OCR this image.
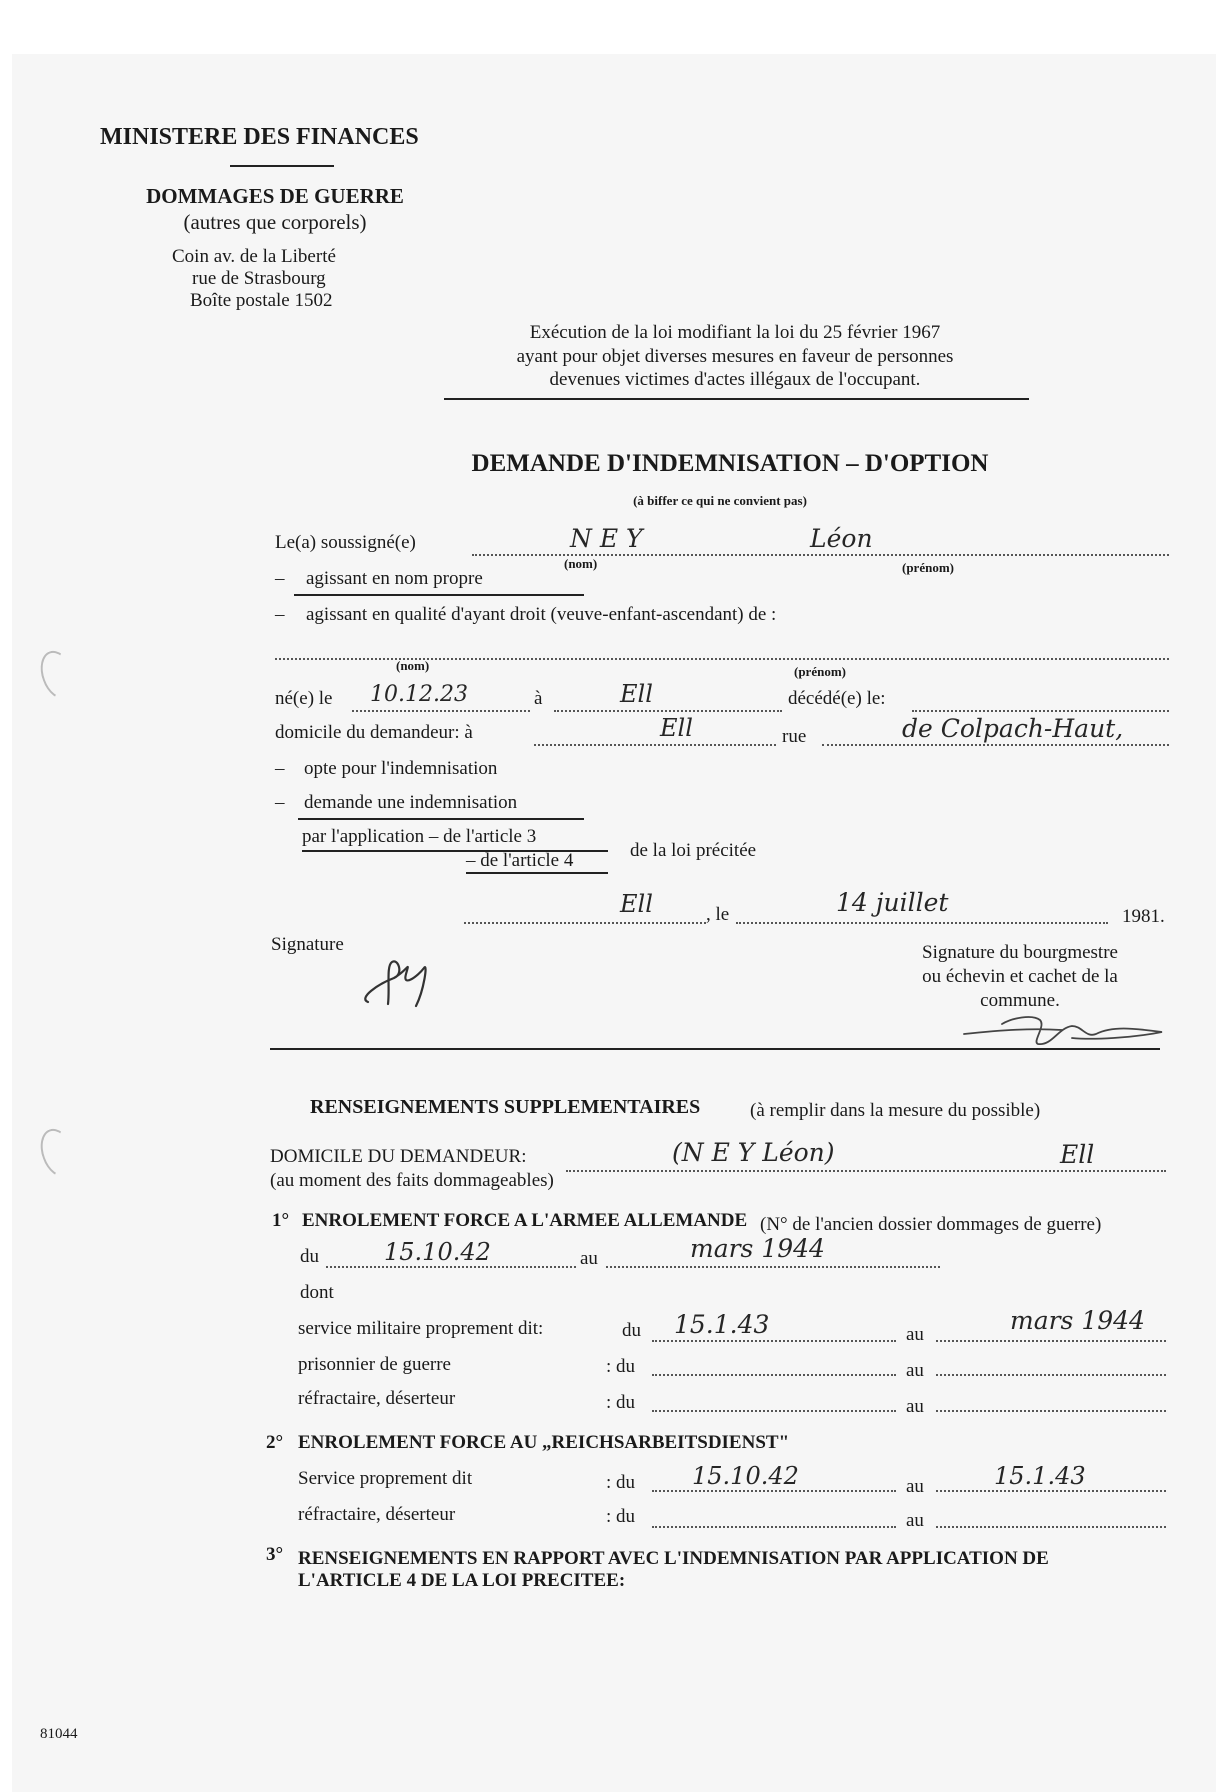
MINISTERE DES FINANCES
DOMMAGES DE GUERRE
(autres que corporels)
Coin av. de la Liberté
rue de Strasbourg
Boîte postale 1502
Exécution de la loi modifiant la loi du 25 février 1967
ayant pour objet diverses mesures en faveur de personnes
devenues victimes d'actes illégaux de l'occupant.
DEMANDE D'INDEMNISATION – D'OPTION
(à biffer ce qui ne convient pas)
Le(a) soussigné(e)	N E Y	Léon
(nom)	(prénom)
– agissant en nom propre
– agissant en qualité d'ayant droit (veuve-enfant-ascendant) de :
(nom)	(prénom)
né(e) le 10.12.23	à	Ell	décédé(e) le:
domicile du demandeur: à	Ell	rue	de Colpach-Haut,
– opte pour l'indemnisation
– demande une indemnisation
par l'application – de l'article 3
– de l'article 4	de la loi précitée
Ell	, le	14 juillet	1981.
Signature	Signature du bourgmestre
ou échevin et cachet de la
commune.
RENSEIGNEMENTS SUPPLEMENTAIRES	(à remplir dans la mesure du possible)
DOMICILE DU DEMANDEUR:
(au moment des faits dommageables)
(N E Y Léon)	Ell
1° ENROLEMENT FORCE A L'ARMEE ALLEMANDE (N° de l'ancien dossier dommages de guerre)
du	15.10.42	au	mars 1944
dont
service militaire proprement dit:	du 15.1.43	au	mars 1944
prisonnier de guerre	: du	au
réfractaire, déserteur	: du	au
2° ENROLEMENT FORCE AU „REICHSARBEITSDIENST"
Service proprement dit	: du 15.10.42	au	15.1.43
réfractaire, déserteur	: du	au
3° RENSEIGNEMENTS EN RAPPORT AVEC L'INDEMNISATION PAR APPLICATION DE
L'ARTICLE 4 DE LA LOI PRECITEE:
81044
